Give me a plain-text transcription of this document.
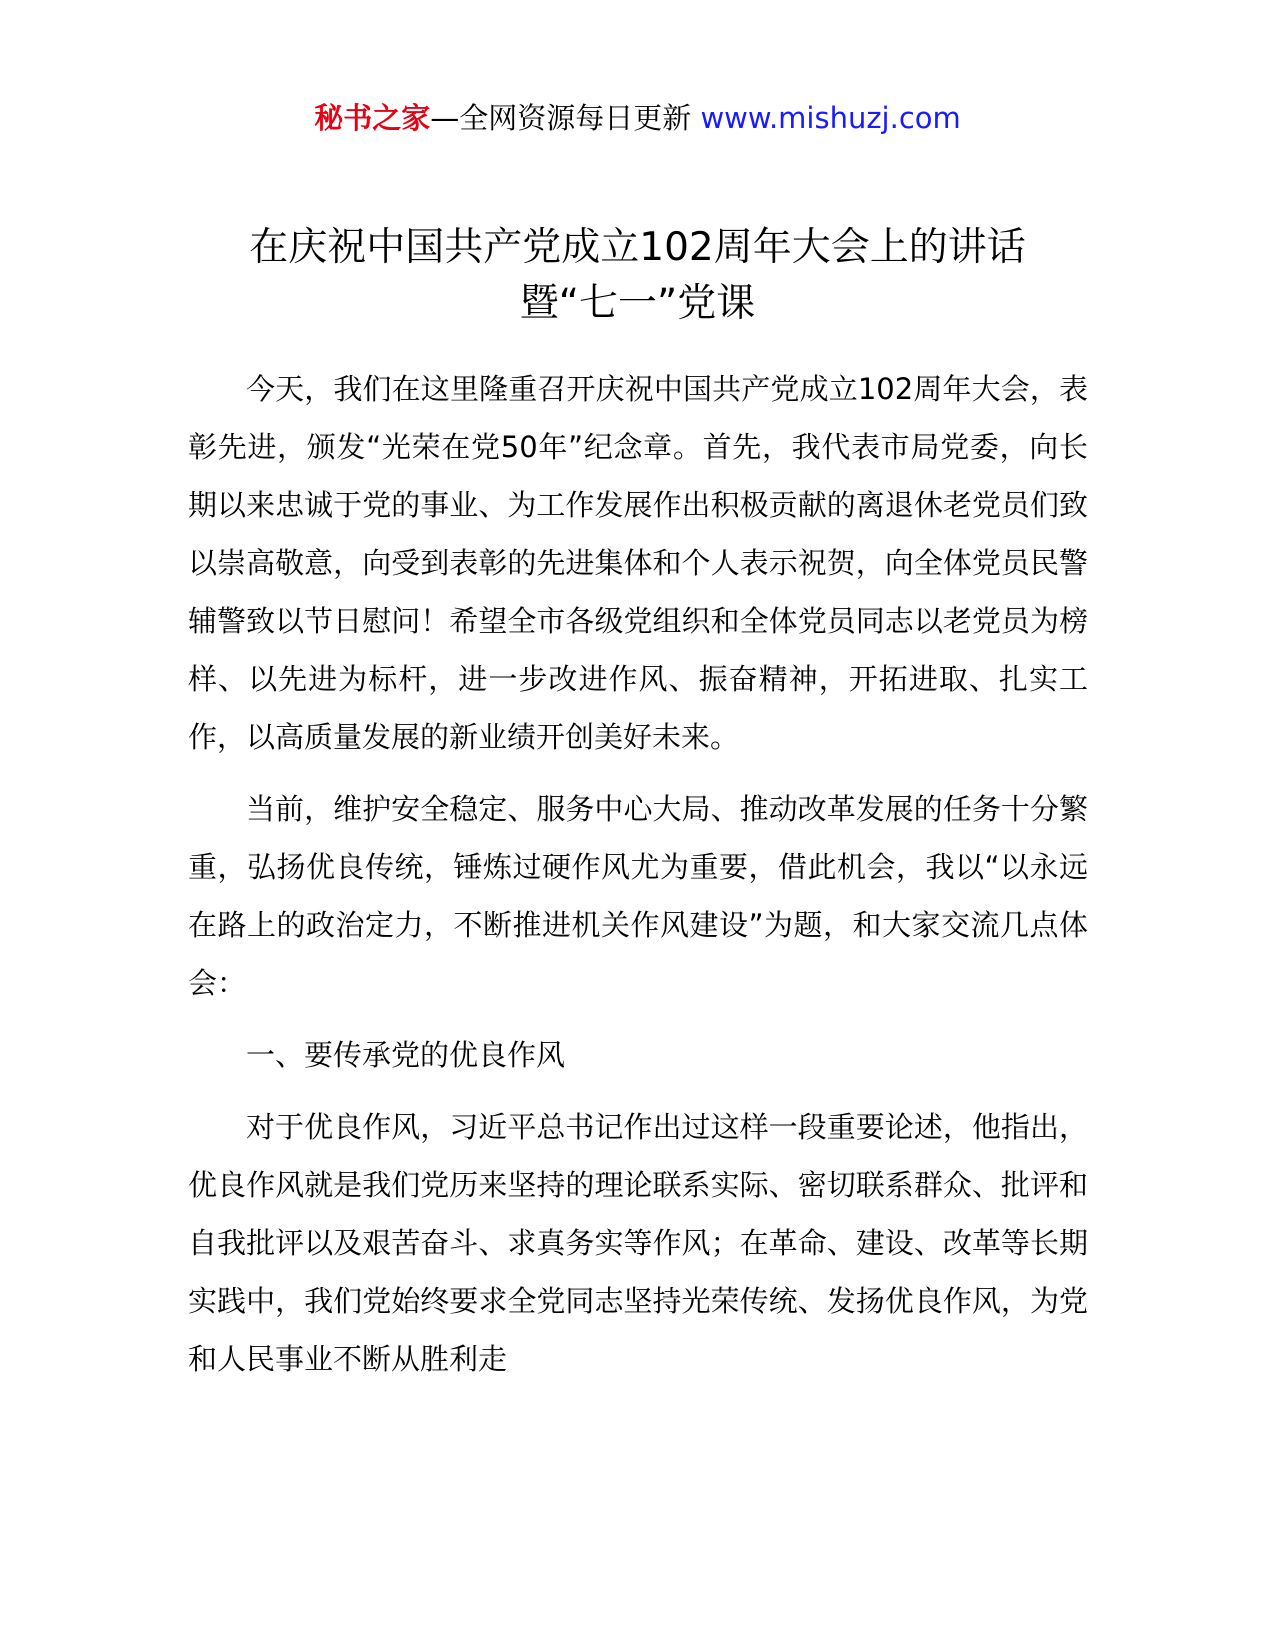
秘书之家—全网资源每日更新 www.mishuzj.com
在庆祝中国共产党成立102周年大会上的讲话
暨“七一”党课

今天，我们在这里隆重召开庆祝中国共产党成立102周年大会，表彰先进，颁发“光荣在党50年”纪念章。首先，我代表市局党委，向长期以来忠诚于党的事业、为工作发展作出积极贡献的离退休老党员们致以崇高敬意，向受到表彰的先进集体和个人表示祝贺，向全体党员民警辅警致以节日慰问！希望全市各级党组织和全体党员同志以老党员为榜样、以先进为标杆，进一步改进作风、振奋精神，开拓进取、扎实工作，以高质量发展的新业绩开创美好未来。

当前，维护安全稳定、服务中心大局、推动改革发展的任务十分繁重，弘扬优良传统，锤炼过硬作风尤为重要，借此机会，我以“以永远在路上的政治定力，不断推进机关作风建设”为题，和大家交流几点体会：

一、要传承党的优良作风

对于优良作风，习近平总书记作出过这样一段重要论述，他指出，优良作风就是我们党历来坚持的理论联系实际、密切联系群众、批评和自我批评以及艰苦奋斗、求真务实等作风；在革命、建设、改革等长期实践中，我们党始终要求全党同志坚持光荣传统、发扬优良作风，为党和人民事业不断从胜利走
